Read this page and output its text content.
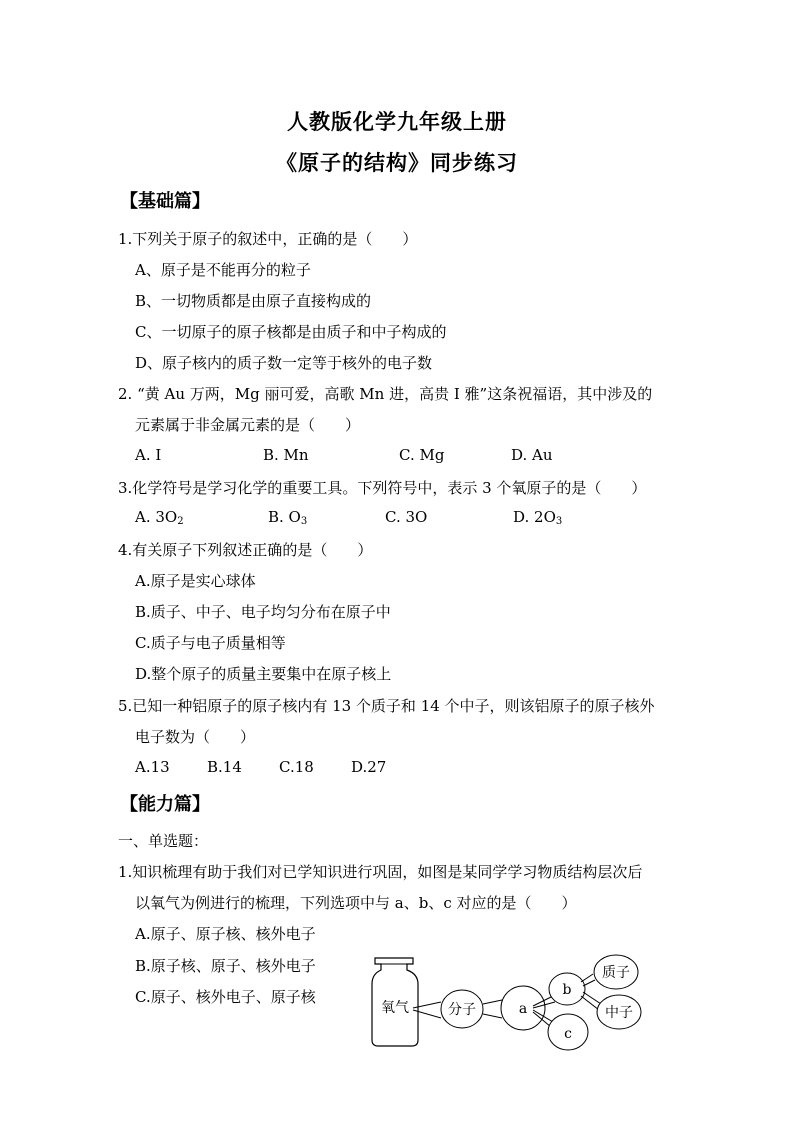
人教版化学九年级上册
《原子的结构》同步练习
【基础篇】
1.下列关于原子的叙述中，正确的是（　　）
A、原子是不能再分的粒子
B、一切物质都是由原子直接构成的
C、一切原子的原子核都是由质子和中子构成的
D、原子核内的质子数一定等于核外的电子数
2. “黄 Au 万两，Mg 丽可爱，高歌 Mn 进，高贵 I 雅”这条祝福语，其中涉及的
元素属于非金属元素的是（　　）
A. I	B. Mn	C. Mg	D. Au
3.化学符号是学习化学的重要工具。下列符号中，表示 3 个氧原子的是（　　）
A. $3O_2$	B. $O_3$	C. 3O	D. $2O_3$
4.有关原子下列叙述正确的是（　　）
A.原子是实心球体
B.质子、中子、电子均匀分布在原子中
C.质子与电子质量相等
D.整个原子的质量主要集中在原子核上
5.已知一种铝原子的原子核内有 13 个质子和 14 个中子，则该铝原子的原子核外
电子数为（　　）
A.13 B.14 C.18 D.27
【能力篇】
一、单选题：
1.知识梳理有助于我们对已学知识进行巩固，如图是某同学学习物质结构层次后
以氧气为例进行的梳理，下列选项中与 a、b、c 对应的是（　　）
A.原子、原子核、核外电子
B.原子核、原子、核外电子
C.原子、核外电子、原子核
氧气	分子	a
b
c
质子
中子
